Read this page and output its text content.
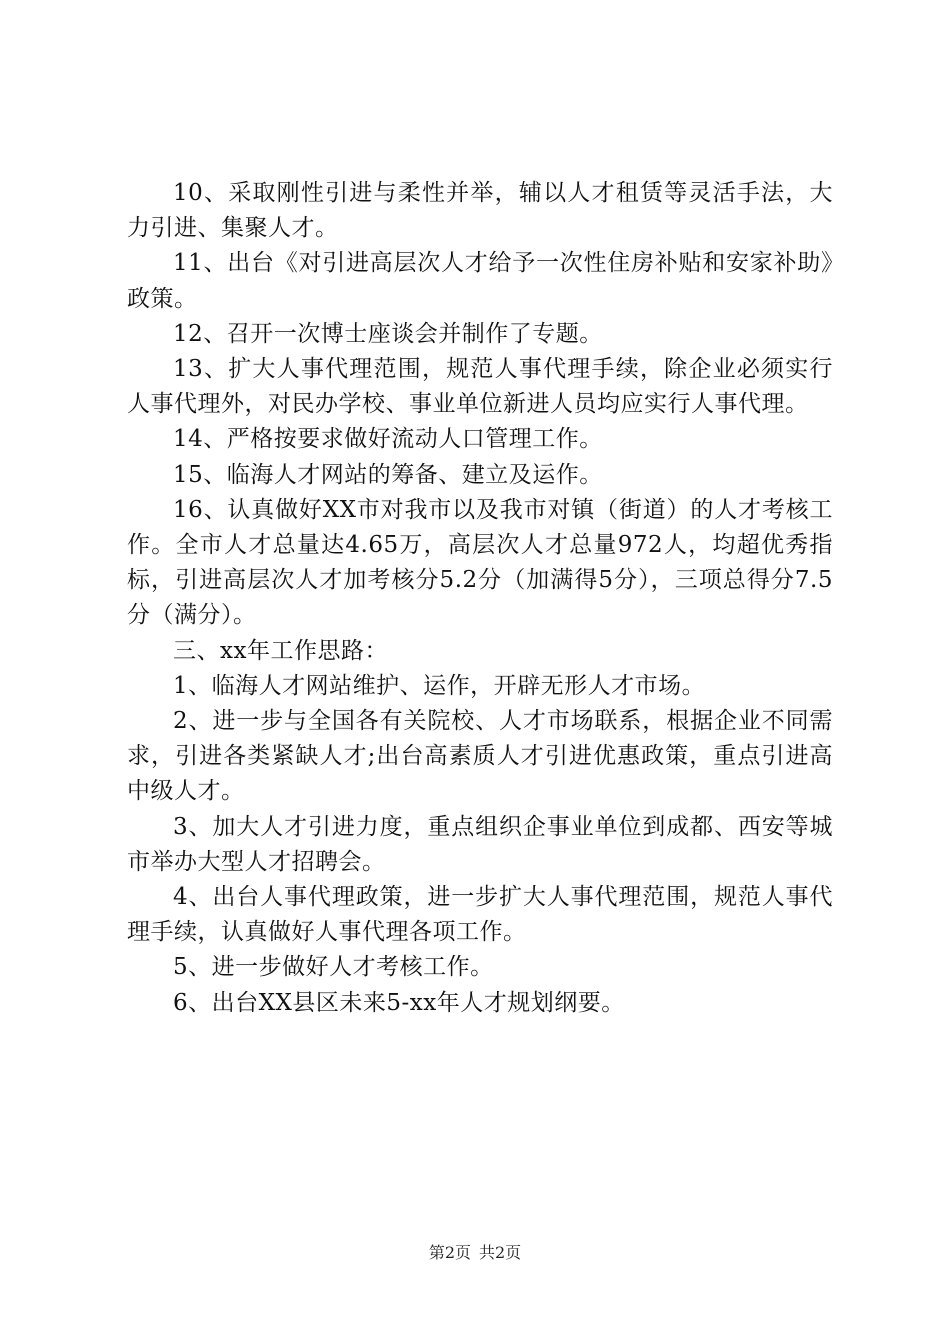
10、采取刚性引进与柔性并举，辅以人才租赁等灵活手法，大力引进、集聚人才。

11、出台《对引进高层次人才给予一次性住房补贴和安家补助》政策。

12、召开一次博士座谈会并制作了专题。

13、扩大人事代理范围，规范人事代理手续，除企业必须实行人事代理外，对民办学校、事业单位新进人员均应实行人事代理。

14、严格按要求做好流动人口管理工作。

15、临海人才网站的筹备、建立及运作。

16、认真做好XX市对我市以及我市对镇（街道）的人才考核工作。全市人才总量达4.65万，高层次人才总量972人，均超优秀指标，引进高层次人才加考核分5.2分（加满得5分），三项总得分7.5分（满分）。

三、xx年工作思路：

1、临海人才网站维护、运作，开辟无形人才市场。

2、进一步与全国各有关院校、人才市场联系，根据企业不同需求，引进各类紧缺人才;出台高素质人才引进优惠政策，重点引进高中级人才。

3、加大人才引进力度，重点组织企事业单位到成都、西安等城市举办大型人才招聘会。

4、出台人事代理政策，进一步扩大人事代理范围，规范人事代理手续，认真做好人事代理各项工作。

5、进一步做好人才考核工作。

6、出台XX县区未来5-xx年人才规划纲要。

第2页 共2页
